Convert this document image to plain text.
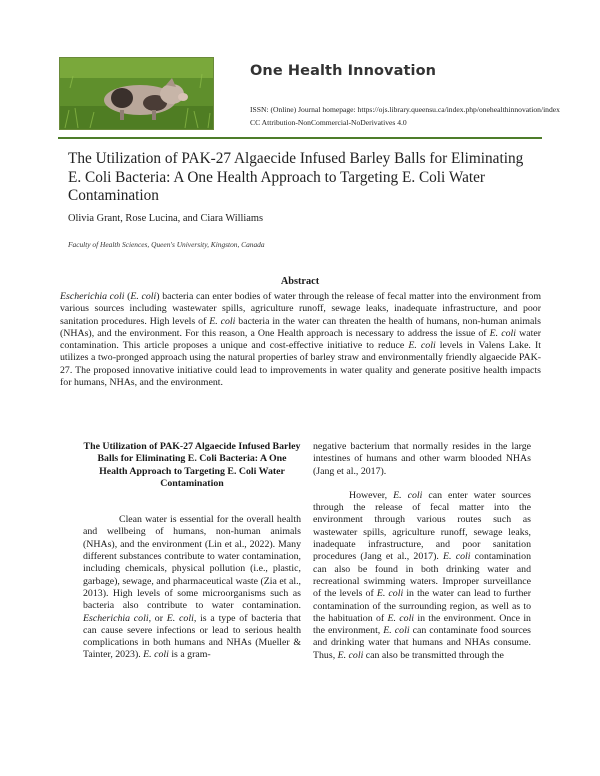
One Health Innovation
ISSN: (Online) Journal homepage: https://ojs.library.queensu.ca/index.php/onehealthinnovation/index
CC Attribution-NonCommercial-NoDerivatives 4.0
The Utilization of PAK-27 Algaecide Infused Barley Balls for Eliminating E. Coli Bacteria: A One Health Approach to Targeting E. Coli Water Contamination
Olivia Grant, Rose Lucina, and Ciara Williams
Faculty of Health Sciences, Queen's University, Kingston, Canada
Abstract

Escherichia coli (E. coli) bacteria can enter bodies of water through the release of fecal matter into the environment from various sources including wastewater spills, agriculture runoff, sewage leaks, inadequate infrastructure, and poor sanitation procedures. High levels of E. coli bacteria in the water can threaten the health of humans, non-human animals (NHAs), and the environment. For this reason, a One Health approach is necessary to address the issue of E. coli water contamination. This article proposes a unique and cost-effective initiative to reduce E. coli levels in Valens Lake. It utilizes a two-pronged approach using the natural properties of barley straw and environmentally friendly algaecide PAK-27. The proposed innovative initiative could lead to improvements in water quality and generate positive health impacts for humans, NHAs, and the environment.

The Utilization of PAK-27 Algaecide Infused Barley Balls for Eliminating E. Coli Bacteria: A One Health Approach to Targeting E. Coli Water Contamination

Clean water is essential for the overall health and wellbeing of humans, non-human animals (NHAs), and the environment (Lin et al., 2022). Many different substances contribute to water contamination, including chemicals, physical pollution (i.e., plastic, garbage), sewage, and pharmaceutical waste (Zia et al., 2013). High levels of some microorganisms such as bacteria also contribute to water contamination. Escherichia coli, or E. coli, is a type of bacteria that can cause severe infections or lead to serious health complications in both humans and NHAs (Mueller & Tainter, 2023). E. coli is a gram-

negative bacterium that normally resides in the large intestines of humans and other warm blooded NHAs (Jang et al., 2017).

However, E. coli can enter water sources through the release of fecal matter into the environment through various routes such as wastewater spills, agriculture runoff, sewage leaks, inadequate infrastructure, and poor sanitation procedures (Jang et al., 2017). E. coli contamination can also be found in both drinking water and recreational swimming waters. Improper surveillance of the levels of E. coli in the water can lead to further contamination of the surrounding region, as well as to the habituation of E. coli in the environment. Once in the environment, E. coli can contaminate food sources and drinking water that humans and NHAs consume. Thus, E. coli can also be transmitted through the
